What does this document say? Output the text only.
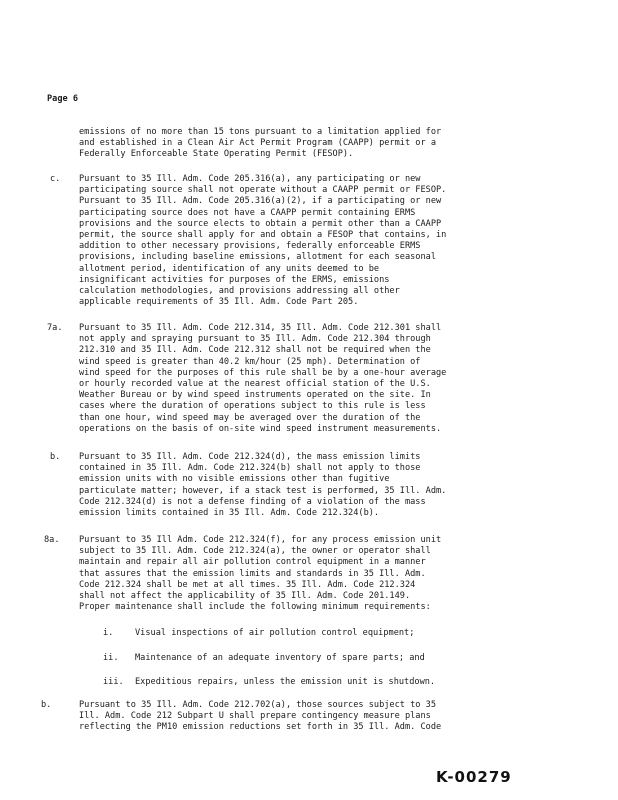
Page 6
emissions of no more than 15 tons pursuant to a limitation applied for
and established in a Clean Air Act Permit Program (CAAPP) permit or a
Federally Enforceable State Operating Permit (FESOP).
c. Pursuant to 35 Ill. Adm. Code 205.316(a), any participating or new
participating source shall not operate without a CAAPP permit or FESOP.
Pursuant to 35 Ill. Adm. Code 205.316(a)(2), if a participating or new
participating source does not have a CAAPP permit containing ERMS
provisions and the source elects to obtain a permit other than a CAAPP
permit, the source shall apply for and obtain a FESOP that contains, in
addition to other necessary provisions, federally enforceable ERMS
provisions, including baseline emissions, allotment for each seasonal
allotment period, identification of any units deemed to be
insignificant activities for purposes of the ERMS, emissions
calculation methodologies, and provisions addressing all other
applicable requirements of 35 Ill. Adm. Code Part 205.
7a. Pursuant to 35 Ill. Adm. Code 212.314, 35 Ill. Adm. Code 212.301 shall
not apply and spraying pursuant to 35 Ill. Adm. Code 212.304 through
212.310 and 35 Ill. Adm. Code 212.312 shall not be required when the
wind speed is greater than 40.2 km/hour (25 mph). Determination of
wind speed for the purposes of this rule shall be by a one-hour average
or hourly recorded value at the nearest official station of the U.S.
Weather Bureau or by wind speed instruments operated on the site. In
cases where the duration of operations subject to this rule is less
than one hour, wind speed may be averaged over the duration of the
operations on the basis of on-site wind speed instrument measurements.
b. Pursuant to 35 Ill. Adm. Code 212.324(d), the mass emission limits
contained in 35 Ill. Adm. Code 212.324(b) shall not apply to those
emission units with no visible emissions other than fugitive
particulate matter; however, if a stack test is performed, 35 Ill. Adm.
Code 212.324(d) is not a defense finding of a violation of the mass
emission limits contained in 35 Ill. Adm. Code 212.324(b).
8a. Pursuant to 35 Ill Adm. Code 212.324(f), for any process emission unit
subject to 35 Ill. Adm. Code 212.324(a), the owner or operator shall
maintain and repair all air pollution control equipment in a manner
that assures that the emission limits and standards in 35 Ill. Adm.
Code 212.324 shall be met at all times. 35 Ill. Adm. Code 212.324
shall not affect the applicability of 35 Ill. Adm. Code 201.149.
Proper maintenance shall include the following minimum requirements:
i.	Visual inspections of air pollution control equipment;
ii. Maintenance of an adequate inventory of spare parts; and
iii. Expeditious repairs, unless the emission unit is shutdown.
b.	Pursuant to 35 Ill. Adm. Code 212.702(a), those sources subject to 35
Ill. Adm. Code 212 Subpart U shall prepare contingency measure plans
reflecting the PM10 emission reductions set forth in 35 Ill. Adm. Code
K-00279
